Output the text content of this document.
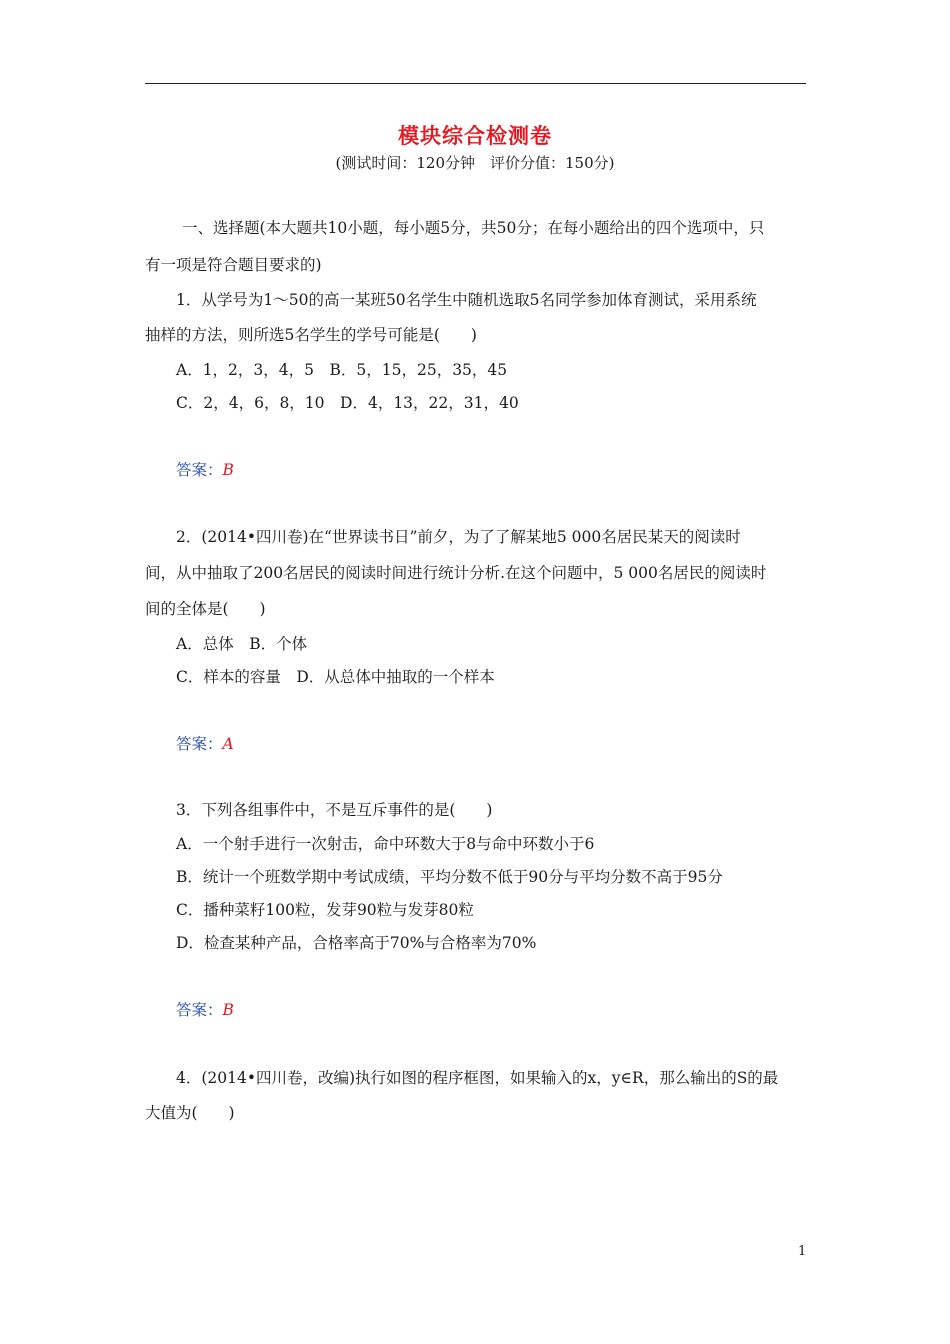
模块综合检测卷
(测试时间：120分钟　评价分值：150分)
一、选择题(本大题共10小题，每小题5分，共50分；在每小题给出的四个选项中，只
有一项是符合题目要求的)
1．从学号为1～50的高一某班50名学生中随机选取5名同学参加体育测试，采用系统
抽样的方法，则所选5名学生的学号可能是(　　)
A．1，2，3，4，5　B．5，15，25，35，45
C．2，4，6，8，10　D．4，13，22，31，40
答案：B
2．(2014•四川卷)在“世界读书日”前夕，为了了解某地5 000名居民某天的阅读时
间，从中抽取了200名居民的阅读时间进行统计分析.在这个问题中，5 000名居民的阅读时
间的全体是(　　)
A．总体　B．个体
C．样本的容量　D．从总体中抽取的一个样本
答案：A
3．下列各组事件中，不是互斥事件的是(　　)
A．一个射手进行一次射击，命中环数大于8与命中环数小于6
B．统计一个班数学期中考试成绩，平均分数不低于90分与平均分数不高于95分
C．播种菜籽100粒，发芽90粒与发芽80粒
D．检查某种产品，合格率高于70%与合格率为70%
答案：B
4．(2014•四川卷，改编)执行如图的程序框图，如果输入的x，y∈R，那么输出的S的最
大值为(　　)
1
